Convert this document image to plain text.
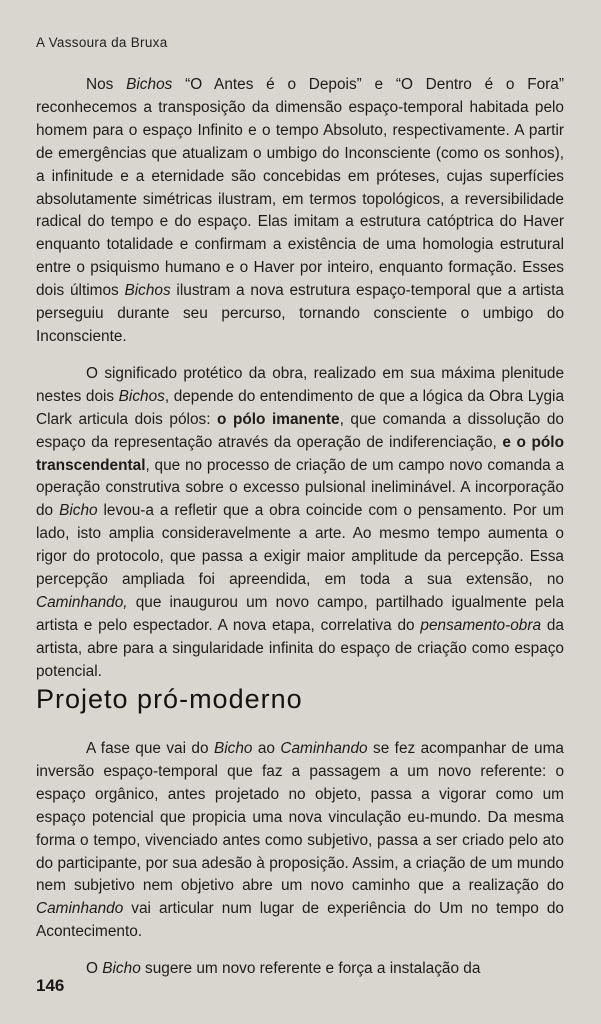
A Vassoura da Bruxa

Nos Bichos “O Antes é o Depois” e “O Dentro é o Fora” reconhecemos a transposição da dimensão espaço-temporal habitada pelo homem para o espaço Infinito e o tempo Absoluto, respectivamente. A partir de emergências que atualizam o umbigo do Inconsciente (como os sonhos), a infinitude e a eternidade são concebidas em próteses, cujas superfícies absolutamente simétricas ilustram, em termos topológicos, a reversibilidade radical do tempo e do espaço. Elas imitam a estrutura catóptrica do Haver enquanto totalidade e confirmam a existência de uma homologia estrutural entre o psiquismo humano e o Haver por inteiro, enquanto formação. Esses dois últimos Bichos ilustram a nova estrutura espaço-temporal que a artista perseguiu durante seu percurso, tornando consciente o umbigo do Inconsciente.

O significado protético da obra, realizado em sua máxima plenitude nestes dois Bichos, depende do entendimento de que a lógica da Obra Lygia Clark articula dois pólos: o pólo imanente, que comanda a dissolução do espaço da representação através da operação de indiferenciação, e o pólo transcendental, que no processo de criação de um campo novo comanda a operação construtiva sobre o excesso pulsional ineliminável. A incorporação do Bicho levou-a a refletir que a obra coincide com o pensamento. Por um lado, isto amplia consideravelmente a arte. Ao mesmo tempo aumenta o rigor do protocolo, que passa a exigir maior amplitude da percepção. Essa percepção ampliada foi apreendida, em toda a sua extensão, no Caminhando, que inaugurou um novo campo, partilhado igualmente pela artista e pelo espectador. A nova etapa, correlativa do pensamento-obra da artista, abre para a singularidade infinita do espaço de criação como espaço potencial.

Projeto pró-moderno

A fase que vai do Bicho ao Caminhando se fez acompanhar de uma inversão espaço-temporal que faz a passagem a um novo referente: o espaço orgânico, antes projetado no objeto, passa a vigorar como um espaço potencial que propicia uma nova vinculação eu-mundo. Da mesma forma o tempo, vivenciado antes como subjetivo, passa a ser criado pelo ato do participante, por sua adesão à proposição. Assim, a criação de um mundo nem subjetivo nem objetivo abre um novo caminho que a realização do Caminhando vai articular num lugar de experiência do Um no tempo do Acontecimento.

O Bicho sugere um novo referente e força a instalação da

146
